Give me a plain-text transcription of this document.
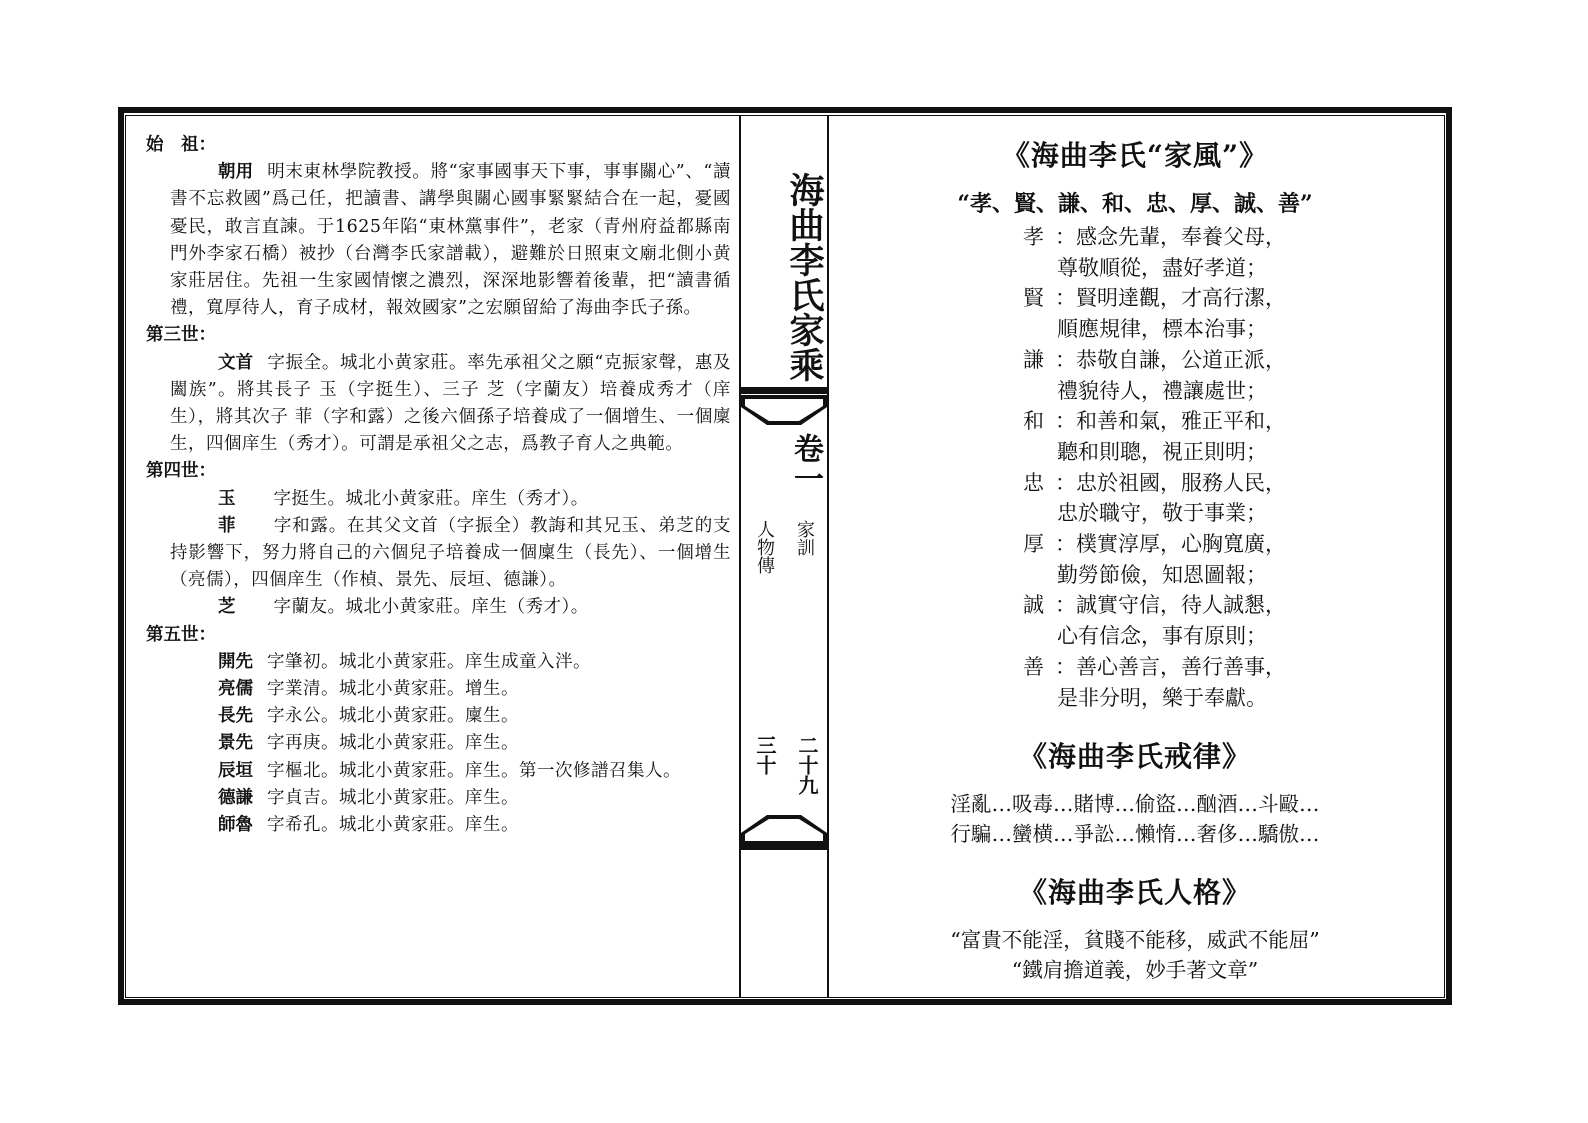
海曲李氏家乘
卷一
家訓
人物傳
二十九
三十
始　祖：
朝用 明末東林學院教授。將“家事國事天下事，事事關心”、“讀書不忘救國”爲己任，把讀書、講學與關心國事緊緊結合在一起，憂國憂民，敢言直諫。于1625年陷“東林黨事件”，老家（青州府益都縣南門外李家石橋）被抄（台灣李氏家譜載），避難於日照東文廟北側小黄家莊居住。先祖一生家國情懷之濃烈，深深地影響着後輩，把“讀書循禮，寬厚待人，育子成材，報效國家”之宏願留給了海曲李氏子孫。
第三世：
文首 字振全。城北小黄家莊。率先承祖父之願“克振家聲，惠及闔族”。將其長子 玉（字挺生）、三子 芝（字蘭友）培養成秀才（庠生），將其次子 菲（字和露）之後六個孫子培養成了一個增生、一個廩生，四個庠生（秀才）。可謂是承祖父之志，爲教子育人之典範。
第四世：
玉 字挺生。城北小黄家莊。庠生（秀才）。
菲 字和露。在其父文首（字振全）教誨和其兄玉、弟芝的支持影響下，努力將自己的六個兒子培養成一個廩生（長先）、一個增生（亮儒），四個庠生（作楨、景先、辰垣、德謙）。
芝 字蘭友。城北小黄家莊。庠生（秀才）。
第五世：
開先 字肇初。城北小黄家莊。庠生成童入泮。
亮儒 字業清。城北小黄家莊。增生。
長先 字永公。城北小黄家莊。廩生。
景先 字再庚。城北小黄家莊。庠生。
辰垣 字樞北。城北小黄家莊。庠生。第一次修譜召集人。
德謙 字貞吉。城北小黄家莊。庠生。
師魯 字希孔。城北小黄家莊。庠生。
《海曲李氏“家風”》
“孝、賢、謙、和、忠、厚、誠、善”
孝 ：感念先輩，奉養父母，
尊敬順從，盡好孝道；
賢 ：賢明達觀，才高行潔，
順應規律，標本治事；
謙 ：恭敬自謙，公道正派，
禮貌待人，禮讓處世；
和 ：和善和氣，雅正平和，
聽和則聰，視正則明；
忠 ：忠於祖國，服務人民，
忠於職守，敬于事業；
厚 ：樸實淳厚，心胸寬廣，
勤勞節儉，知恩圖報；
誠 ：誠實守信，待人誠懇，
心有信念，事有原則；
善 ：善心善言，善行善事，
是非分明，樂于奉獻。
《海曲李氏戒律》
淫亂…吸毒…賭博…偷盜…酗酒…斗毆…
行騙…蠻横…爭訟…懶惰…奢侈…驕傲…
《海曲李氏人格》
“富貴不能淫，貧賤不能移，威武不能屈”
“鐵肩擔道義，妙手著文章”
